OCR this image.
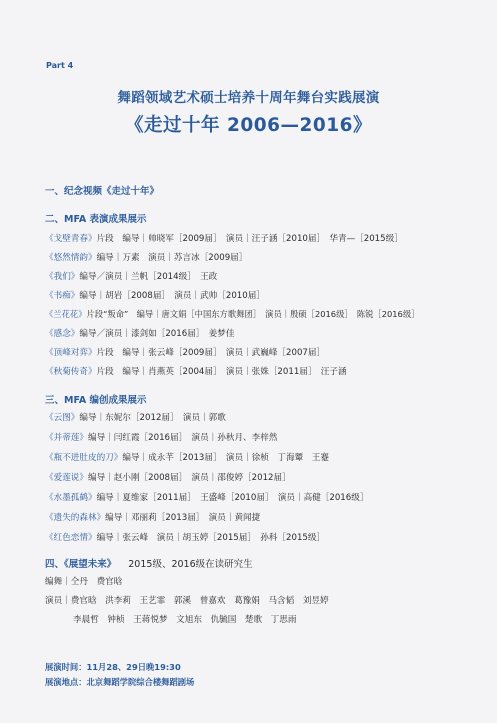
Part 4
舞蹈领域艺术硕士培养十周年舞台实践展演
《走过十年 2006—2016》
一、纪念视频《走过十年》
二、MFA 表演成果展示
《戈壁青春》片段　编导｜帅晓军［2009届］　演员｜汪子涵［2010届］　华青—［2015级］
《悠然情韵》编导｜万素　演员｜苏言冰［2009届］
《我们》编导／演员｜兰帆［2014级］　王政
《书痴》编导｜胡岩［2008届］　演员｜武帅［2010届］
《兰花花》片段“叛命”　编导｜唐文娟［中国东方歌舞团］　演员｜殷硕［2016级］　陈锐［2016级］
《感念》编导／演员｜漆剑如［2016届］　姜梦佳
《顶峰对弈》片段　编导｜张云峰［2009届］　演员｜武巍峰［2007届］
《秋菊传奇》片段　编导｜肖燕英［2004届］　演员｜张姝［2011届］　汪子涵
三、MFA 编创成果展示
《云图》编导｜东妮尔［2012届］　演员｜郭歌
《并蒂莲》编导｜闫红霞［2016届］　演员｜孙秋月、李梓然
《瓶不进肚皮的刀》编导｜成永芊［2013届］　演员｜徐桢　丁海颦　王蹇
《爱莲说》编导｜赵小刚［2008届］　演员｜邵俊婷［2012届］
《水墨孤鹤》编导｜夏维家［2011届］　王盛峰［2010届］　演员｜高健［2016级］
《遗失的森林》编导｜邓丽莉［2013届］　演员｜黄闻捷
《红色恋情》编导｜张云峰　演员｜胡玉婷［2015届］　孙科［2015级］
四、《展望未来》 2015级、2016级在读研究生
编舞｜仝丹　费官晗
演员｜费官晗　洪李莉　王艺霏　郭溪　曾嘉欢　葛豫娟　马含韬　刘昱婷
李晨哲　钟桢　王蒋悦梦　文旭东　仇毓国　楚歌　丁思雨
展演时间：11月28、29日晚19:30
展演地点：北京舞蹈学院综合楼舞蹈剧场
